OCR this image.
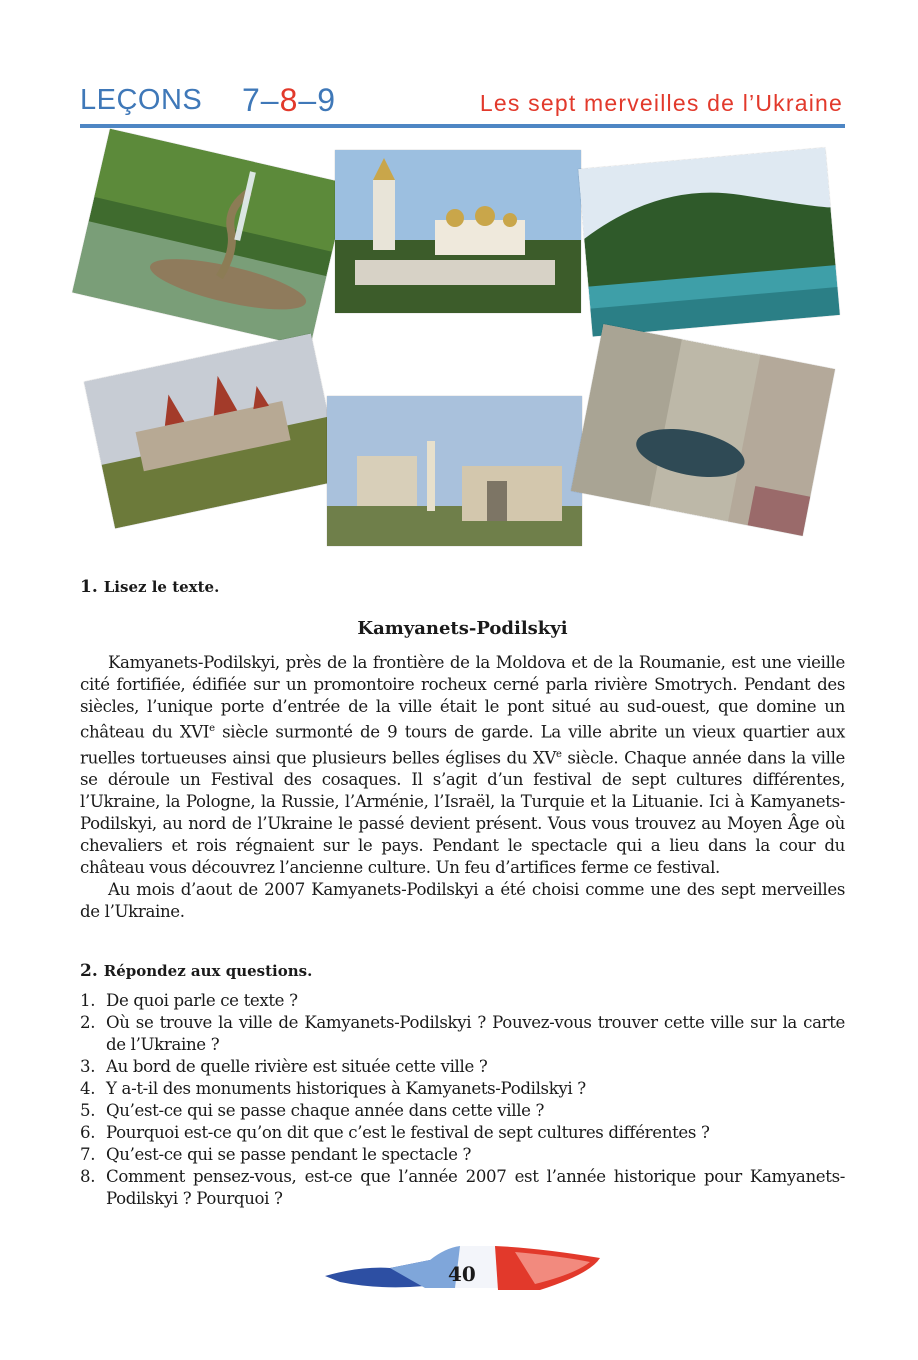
LEÇONS 7–8–9	Les sept merveilles de l’Ukraine
1. Lisez le texte.
Kamyanets-Podilskyi

Kamyanets-Podilskyi, près de la frontière de la Moldova et de la Roumanie, est une vieille cité fortifiée, édifiée sur un promontoire rocheux cerné parla rivière Smotrych. Pendant des siècles, l’unique porte d’entrée de la ville était le pont situé au sud-ouest, que domine un château du XVIe siècle surmonté de 9 tours de garde. La ville abrite un vieux quartier aux ruelles tortueuses ainsi que plusieurs belles églises du XVe siècle. Chaque année dans la ville se déroule un Festival des cosaques. Il s’agit d’un festival de sept cultures différentes, l’Ukraine, la Pologne, la Russie, l’Arménie, l’Israël, la Turquie et la Lituanie. Ici à Kamyanets-Podilskyi, au nord de l’Ukraine le passé devient présent. Vous vous trouvez au Moyen Âge où chevaliers et rois régnaient sur le pays. Pendant le spectacle qui a lieu dans la cour du château vous découvrez l’ancienne culture. Un feu d’artifices ferme ce festival.

Au mois d’aout de 2007 Kamyanets-Podilskyi a été choisi comme une des sept merveilles de l’Ukraine.

2. Répondez aux questions.
1. De quoi parle ce texte ?
2. Où se trouve la ville de Kamyanets-Podilskyi ? Pouvez-vous trouver cette ville sur la carte de l’Ukraine ?
3. Au bord de quelle rivière est située cette ville ?
4. Y a-t-il des monuments historiques à Kamyanets-Podilskyi ?
5. Qu’est-ce qui se passe chaque année dans cette ville ?
6. Pourquoi est-ce qu’on dit que c’est le festival de sept cultures différentes ?
7. Qu’est-ce qui se passe pendant le spectacle ?
8. Comment pensez-vous, est-ce que l’année 2007 est l’année historique pour Kamyanets-Podilskyi ? Pourquoi ?
40
